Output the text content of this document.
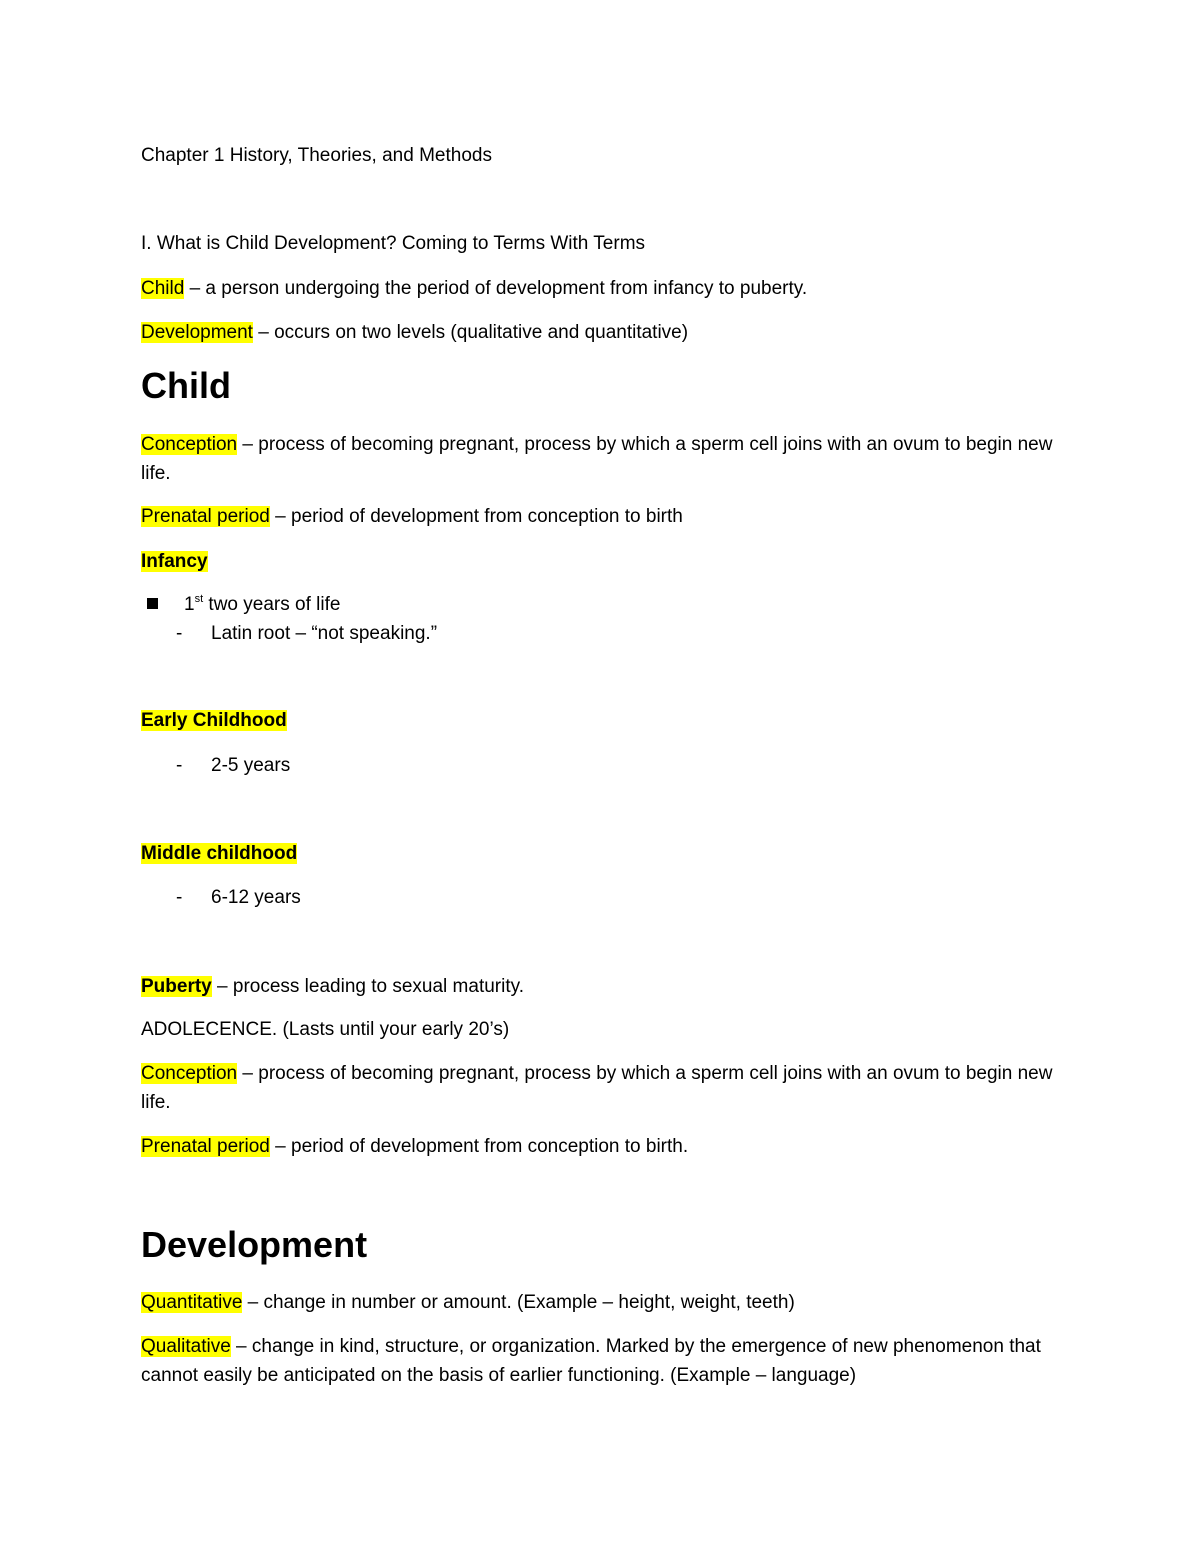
Chapter 1 History, Theories, and Methods
I. What is Child Development? Coming to Terms With Terms
Child – a person undergoing the period of development from infancy to puberty.
Development – occurs on two levels (qualitative and quantitative)
Child
Conception – process of becoming pregnant, process by which a sperm cell joins with an ovum to begin new life.
Prenatal period – period of development from conception to birth
Infancy
1st two years of life
- Latin root – “not speaking.”
Early Childhood
- 2-5 years
Middle childhood
- 6-12 years
Puberty – process leading to sexual maturity.
ADOLECENCE. (Lasts until your early 20’s)
Conception – process of becoming pregnant, process by which a sperm cell joins with an ovum to begin new life.
Prenatal period – period of development from conception to birth.
Development
Quantitative – change in number or amount. (Example – height, weight, teeth)
Qualitative – change in kind, structure, or organization. Marked by the emergence of new phenomenon that cannot easily be anticipated on the basis of earlier functioning. (Example – language)
